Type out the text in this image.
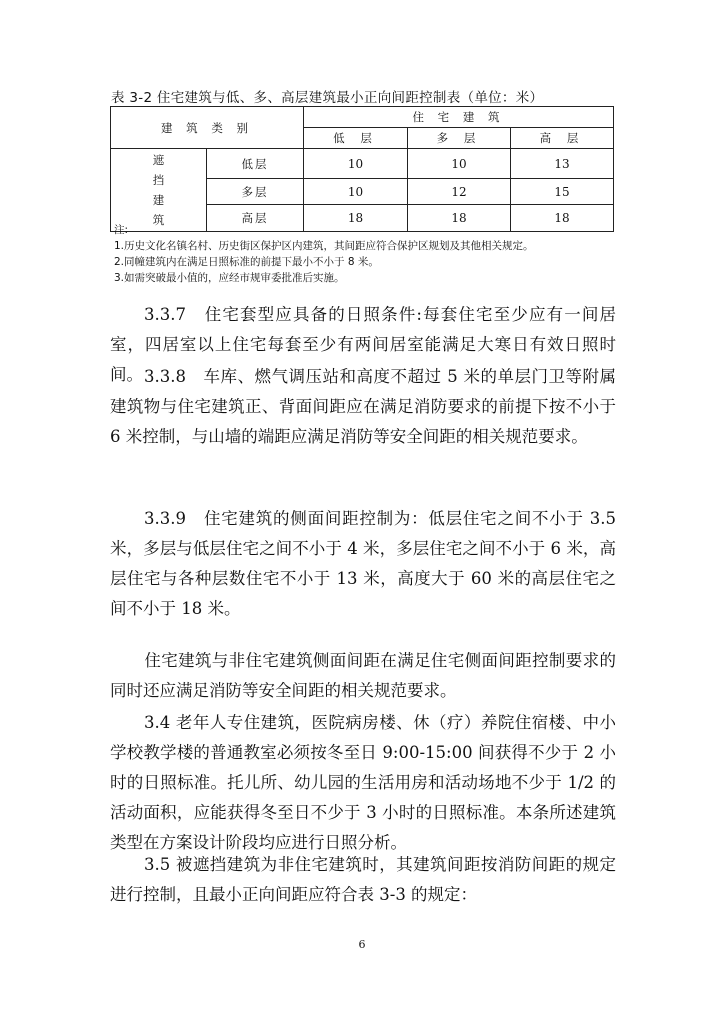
表 3-2 住宅建筑与低、多、高层建筑最小正向间距控制表（单位：米）
建 筑 类 别		住 宅 建 筑		
		低 层	多 层	高 层

遮
挡
建
筑	低层	10	10	13
	多层	10	12	15
	高层	18	18	18
注:
1.历史文化名镇名村、历史街区保护区内建筑，其间距应符合保护区规划及其他相关规定。
2.同幢建筑内在满足日照标准的前提下最小不小于 8 米。
3.如需突破最小值的，应经市规审委批准后实施。
3.3.7　住宅套型应具备的日照条件:每套住宅至少应有一间居室，四居室以上住宅每套至少有两间居室能满足大寒日有效日照时间。 3.3.8　车库、燃气调压站和高度不超过 5 米的单层门卫等附属建筑物与住宅建筑正、背面间距应在满足消防要求的前提下按不小于 6 米控制，与山墙的端距应满足消防等安全间距的相关规范要求。
3.3.9　住宅建筑的侧面间距控制为：低层住宅之间不小于 3.5 米，多层与低层住宅之间不小于 4 米，多层住宅之间不小于 6 米，高层住宅与各种层数住宅不小于 13 米，高度大于 60 米的高层住宅之间不小于 18 米。
住宅建筑与非住宅建筑侧面间距在满足住宅侧面间距控制要求的同时还应满足消防等安全间距的相关规范要求。
3.4 老年人专住建筑，医院病房楼、休（疗）养院住宿楼、中小学校教学楼的普通教室必须按冬至日 9:00-15:00 间获得不少于 2 小时的日照标准。托儿所、幼儿园的生活用房和活动场地不少于 1/2 的活动面积，应能获得冬至日不少于 3 小时的日照标准。本条所述建筑类型在方案设计阶段均应进行日照分析。
3.5 被遮挡建筑为非住宅建筑时，其建筑间距按消防间距的规定进行控制，且最小正向间距应符合表 3-3 的规定：
6
